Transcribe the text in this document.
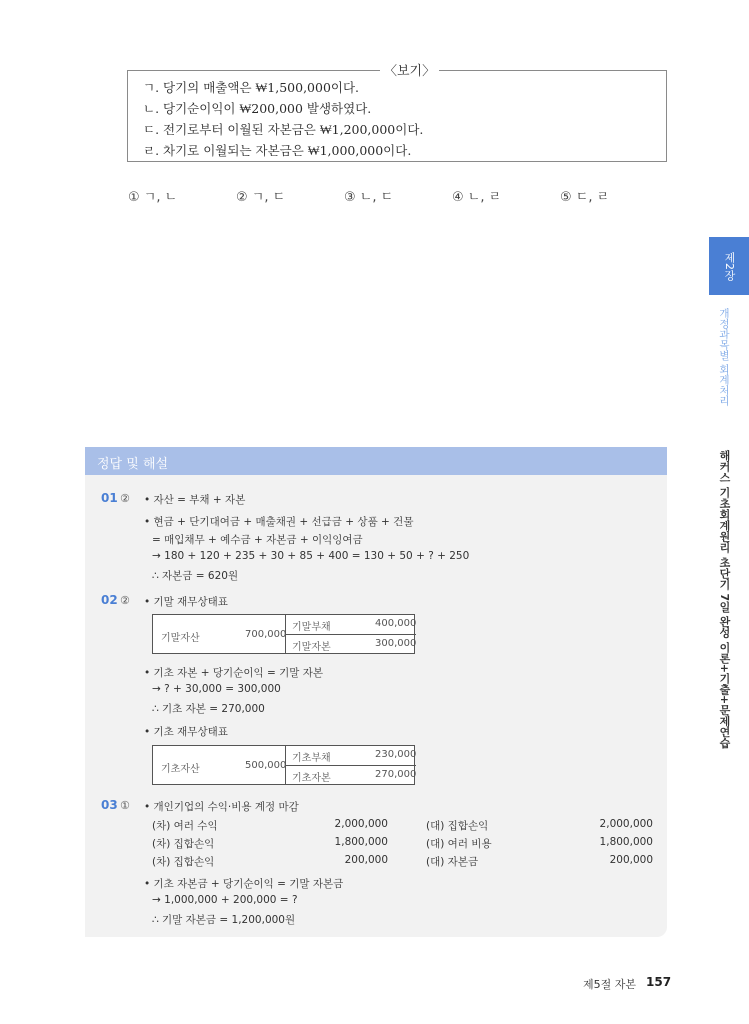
〈보기〉
ㄱ. 당기의 매출액은 ₩1,500,000이다.
ㄴ. 당기순이익이 ₩200,000 발생하였다.
ㄷ. 전기로부터 이월된 자본금은 ₩1,200,000이다.
ㄹ. 차기로 이월되는 자본금은 ₩1,000,000이다.
① ㄱ, ㄴ	② ㄱ, ㄷ	③ ㄴ, ㄷ	④ ㄴ, ㄹ	⑤ ㄷ, ㄹ
제2장
개정과목별 회계처리
해커스 기초회계원리 초단기 7일 완성 이론+기출+문제연습
정답 및 해설
01 ② • 자산 = 부채 + 자본
• 현금 + 단기대여금 + 매출채권 + 선급금 + 상품 + 건물
= 매입채무 + 예수금 + 자본금 + 이익잉여금
→ 180 + 120 + 235 + 30 + 85 + 400 = 130 + 50 + ? + 250
∴ 자본금 = 620원
02 ② • 기말 재무상태표
기말자산	700,000
기말부채	400,000
기말자본	300,000
• 기초 자본 + 당기순이익 = 기말 자본
→ ? + 30,000 = 300,000
∴ 기초 자본 = 270,000
• 기초 재무상태표
기초자산	500,000
기초부채	230,000
기초자본	270,000
03 ① • 개인기업의 수익·비용 계정 마감
(차) 여러 수익	2,000,000	(대) 집합손익	2,000,000
(차) 집합손익	1,800,000	(대) 여러 비용	1,800,000
(차) 집합손익	200,000	(대) 자본금	200,000
• 기초 자본금 + 당기순이익 = 기말 자본금
→ 1,000,000 + 200,000 = ?
∴ 기말 자본금 = 1,200,000원
제5절 자본 157
